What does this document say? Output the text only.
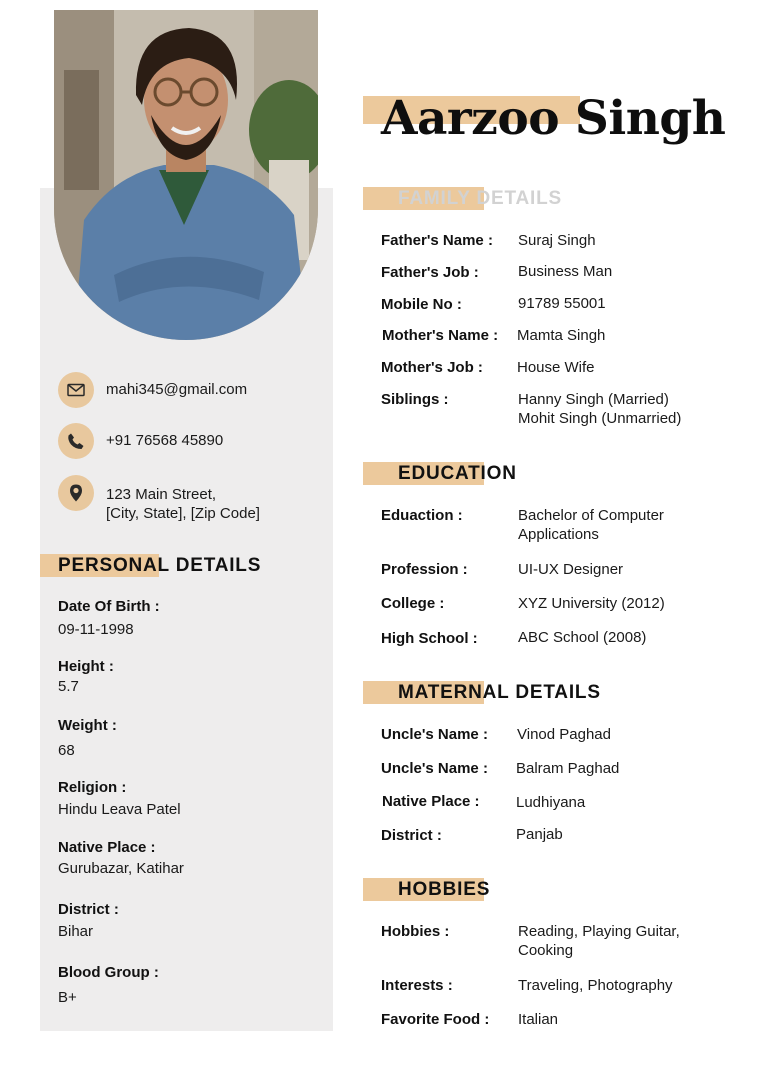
mahi345@gmail.com
+91 76568 45890
123 Main Street,
[City, State], [Zip Code]
PERSONAL DETAILS
Date Of Birth :
09-11-1998
Height :
5.7
Weight :
68
Religion :
Hindu Leava Patel
Native Place :
Gurubazar, Katihar
District :
Bihar
Blood Group :
B+
Aarzoo Singh
FAMILY DETAILS
Father's Name : Suraj Singh
Father's Job :	Business Man
Mobile No :	91789 55001
Mother's Name : Mamta Singh
Mother's Job : House Wife
Siblings :	Hanny Singh (Married)
Mohit Singh (Unmarried)
EDUCATION
Eduaction :	Bachelor of Computer
Applications
Profession :	UI-UX Designer
College :	XYZ University (2012)
High School :	ABC School (2008)
MATERNAL DETAILS
Uncle's Name : Vinod Paghad
Uncle's Name : Balram Paghad
Native Place : Ludhiyana
District :	Panjab
HOBBIES
Hobbies :	Reading, Playing Guitar,
Cooking
Interests :	Traveling, Photography
Favorite Food : Italian
